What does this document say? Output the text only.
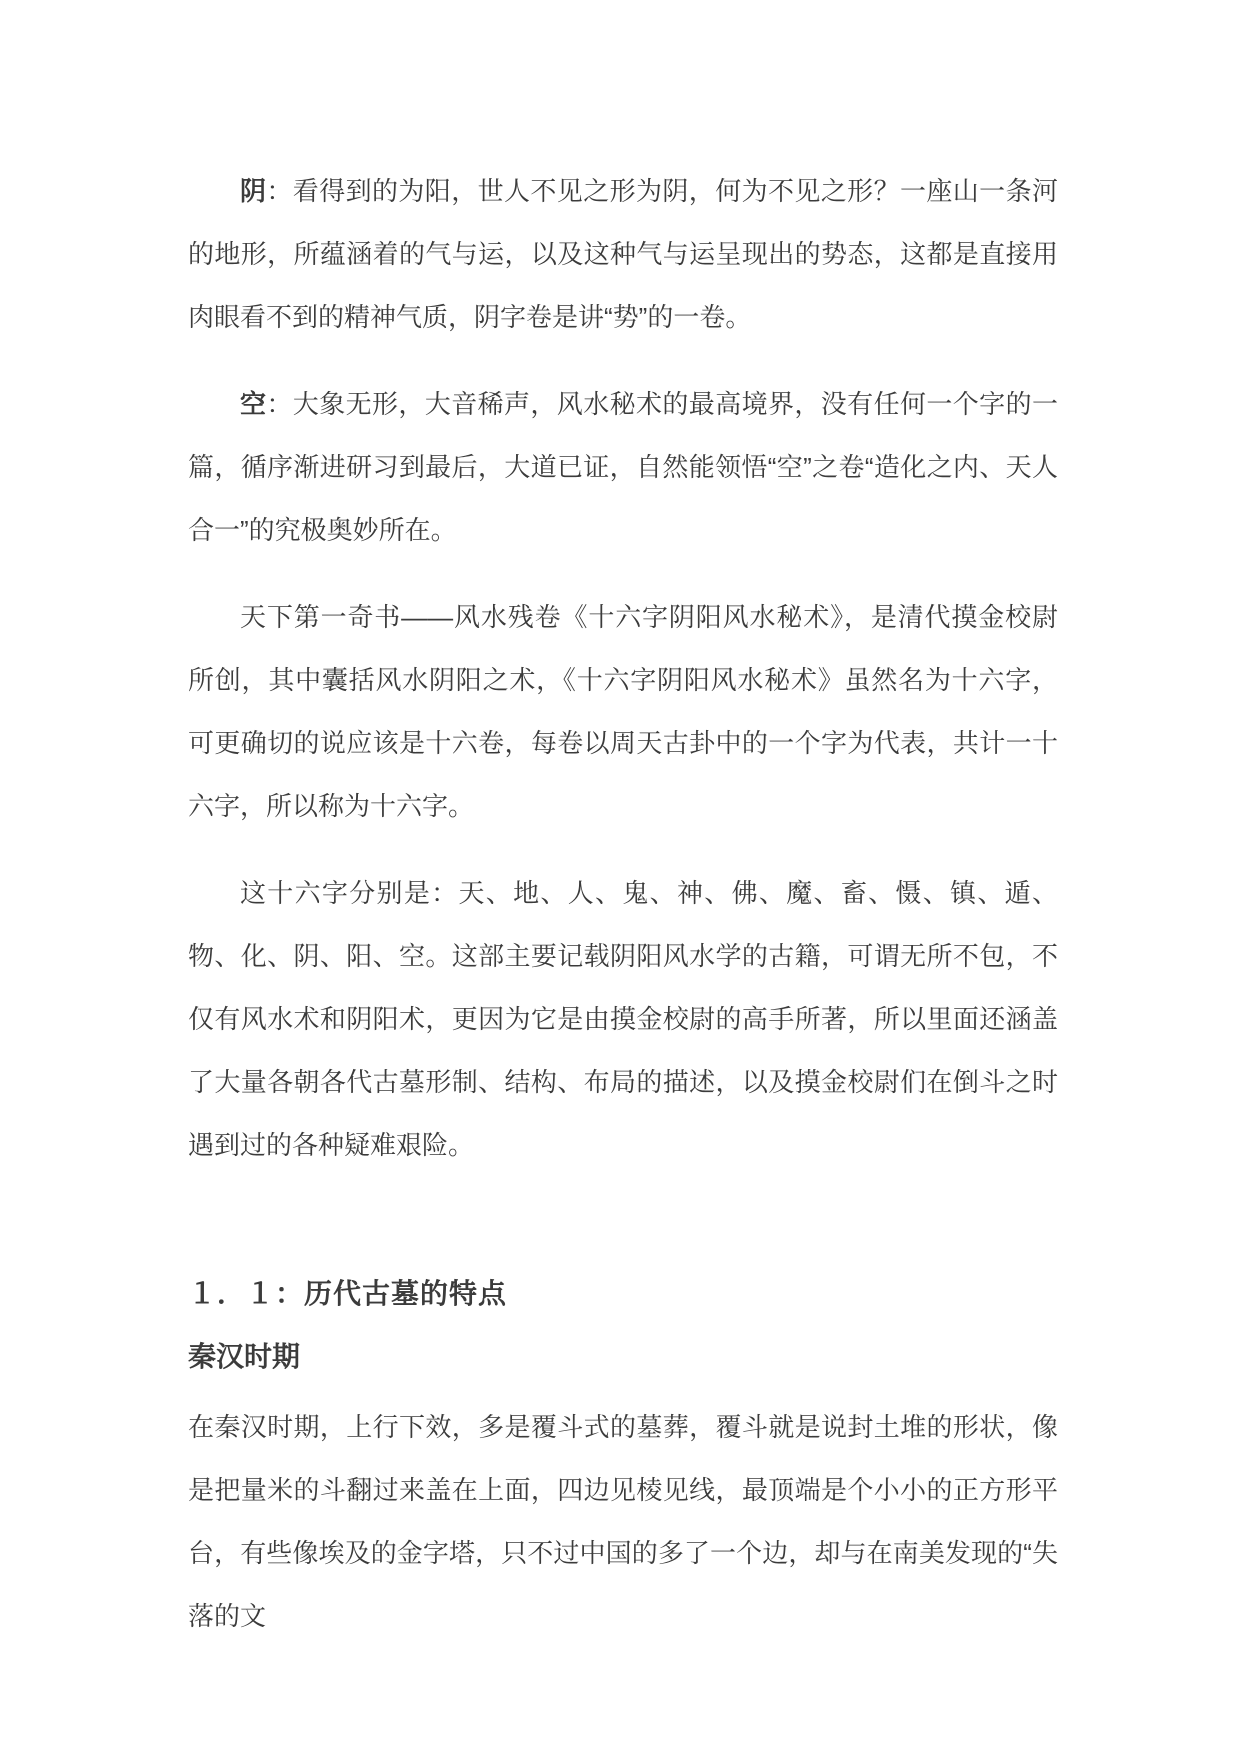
阴：看得到的为阳，世人不见之形为阴，何为不见之形？一座山一条河的地形，所蕴涵着的气与运，以及这种气与运呈现出的势态，这都是直接用肉眼看不到的精神气质，阴字卷是讲“势”的一卷。

空：大象无形，大音稀声，风水秘术的最高境界，没有任何一个字的一篇，循序渐进研习到最后，大道已证，自然能领悟“空”之卷“造化之内、天人合一”的究极奥妙所在。

天下第一奇书——风水残卷《十六字阴阳风水秘术》，是清代摸金校尉所创，其中囊括风水阴阳之术，《十六字阴阳风水秘术》虽然名为十六字，可更确切的说应该是十六卷，每卷以周天古卦中的一个字为代表，共计一十六字，所以称为十六字。

这十六字分别是：天、地、人、鬼、神、佛、魔、畜、慑、镇、遁、物、化、阴、阳、空。这部主要记载阴阳风水学的古籍，可谓无所不包，不仅有风水术和阴阳术，更因为它是由摸金校尉的高手所著，所以里面还涵盖了大量各朝各代古墓形制、结构、布局的描述，以及摸金校尉们在倒斗之时遇到过的各种疑难艰险。

１．１：历代古墓的特点
秦汉时期

在秦汉时期，上行下效，多是覆斗式的墓葬，覆斗就是说封土堆的形状，像是把量米的斗翻过来盖在上面，四边见棱见线，最顶端是个小小的正方形平台，有些像埃及的金字塔，只不过中国的多了一个边，却与在南美发现的“失落的文
